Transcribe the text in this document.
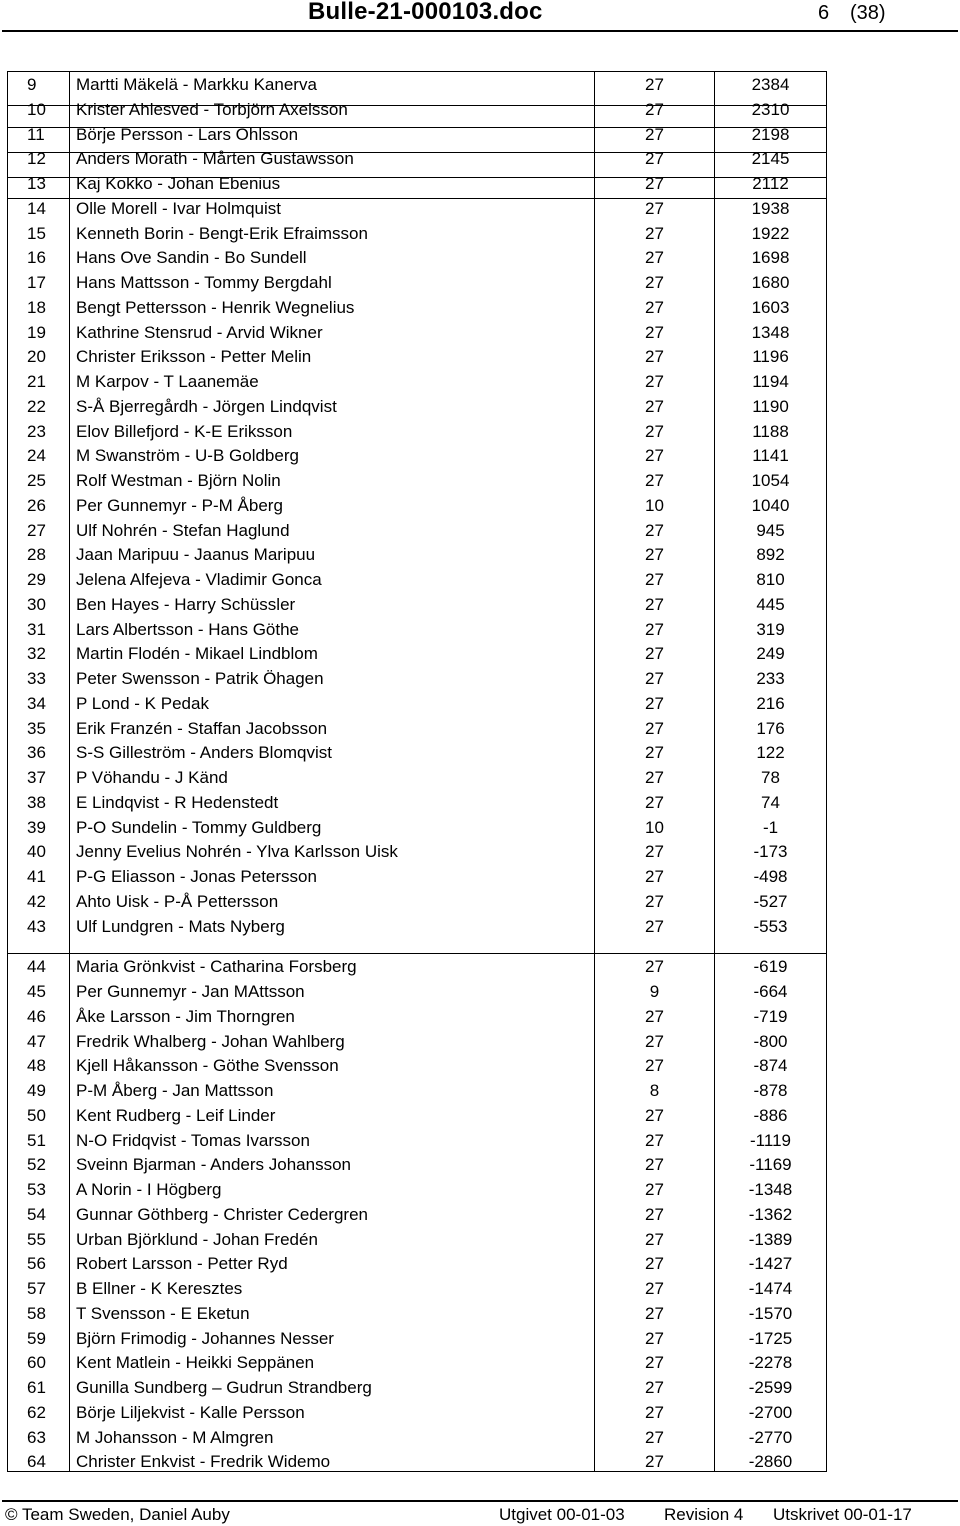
Bulle-21-000103.doc	6 (38)
9 Martti Mäkelä - Markku Kanerva	27	2384
10 Krister Ahlesved - Torbjörn Axelsson	27	2310
11 Börje Persson - Lars Ohlsson	27	2198
12 Anders Morath - Mårten Gustawsson	27	2145
13 Kaj Kokko - Johan Ebenius	27	2112
14 Olle Morell - Ivar Holmquist	27	1938
15 Kenneth Borin - Bengt-Erik Efraimsson	27	1922
16 Hans Ove Sandin - Bo Sundell	27	1698
17 Hans Mattsson - Tommy Bergdahl	27	1680
18 Bengt Pettersson - Henrik Wegnelius	27	1603
19 Kathrine Stensrud - Arvid Wikner	27	1348
20 Christer Eriksson - Petter Melin	27	1196
21 M Karpov - T Laanemäe	27	1194
22 S-Å Bjerregårdh - Jörgen Lindqvist	27	1190
23 Elov Billefjord - K-E Eriksson	27	1188
24 M Swanström - U-B Goldberg	27	1141
25 Rolf Westman - Björn Nolin	27	1054
26 Per Gunnemyr - P-M Åberg	10	1040
27 Ulf Nohrén - Stefan Haglund	27	945
28 Jaan Maripuu - Jaanus Maripuu	27	892
29 Jelena Alfejeva - Vladimir Gonca	27	810
30 Ben Hayes - Harry Schüssler	27	445
31 Lars Albertsson - Hans Göthe	27	319
32 Martin Flodén - Mikael Lindblom	27	249
33 Peter Swensson - Patrik Öhagen	27	233
34 P Lond - K Pedak	27	216
35 Erik Franzén - Staffan Jacobsson	27	176
36 S-S Gilleström - Anders Blomqvist	27	122
37 P Vöhandu - J Känd	27	78
38 E Lindqvist - R Hedenstedt	27	74
39 P-O Sundelin - Tommy Guldberg	10	-1
40 Jenny Evelius Nohrén - Ylva Karlsson Uisk	27	-173
41 P-G Eliasson - Jonas Petersson	27	-498
42 Ahto Uisk - P-Å Pettersson	27	-527
43 Ulf Lundgren - Mats Nyberg	27	-553
44 Maria Grönkvist - Catharina Forsberg	27	-619
45 Per Gunnemyr - Jan MAttsson	9	-664
46 Åke Larsson - Jim Thorngren	27	-719
47 Fredrik Whalberg - Johan Wahlberg	27	-800
48 Kjell Håkansson - Göthe Svensson	27	-874
49 P-M Åberg - Jan Mattsson	8	-878
50 Kent Rudberg - Leif Linder	27	-886
51 N-O Fridqvist - Tomas Ivarsson	27	-1119
52 Sveinn Bjarman - Anders Johansson	27	-1169
53 A Norin - I Högberg	27	-1348
54 Gunnar Göthberg - Christer Cedergren	27	-1362
55 Urban Björklund - Johan Fredén	27	-1389
56 Robert Larsson - Petter Ryd	27	-1427
57 B Ellner - K Keresztes	27	-1474
58 T Svensson - E Eketun	27	-1570
59 Björn Frimodig - Johannes Nesser	27	-1725
60 Kent Matlein - Heikki Seppänen	27	-2278
61 Gunilla Sundberg – Gudrun Strandberg	27	-2599
62 Börje Liljekvist - Kalle Persson	27	-2700
63 M Johansson - M Almgren	27	-2770
64 Christer Enkvist - Fredrik Widemo	27	-2860
© Team Sweden, Daniel Auby	Utgivet 00-01-03 Revision 4 Utskrivet 00-01-17
